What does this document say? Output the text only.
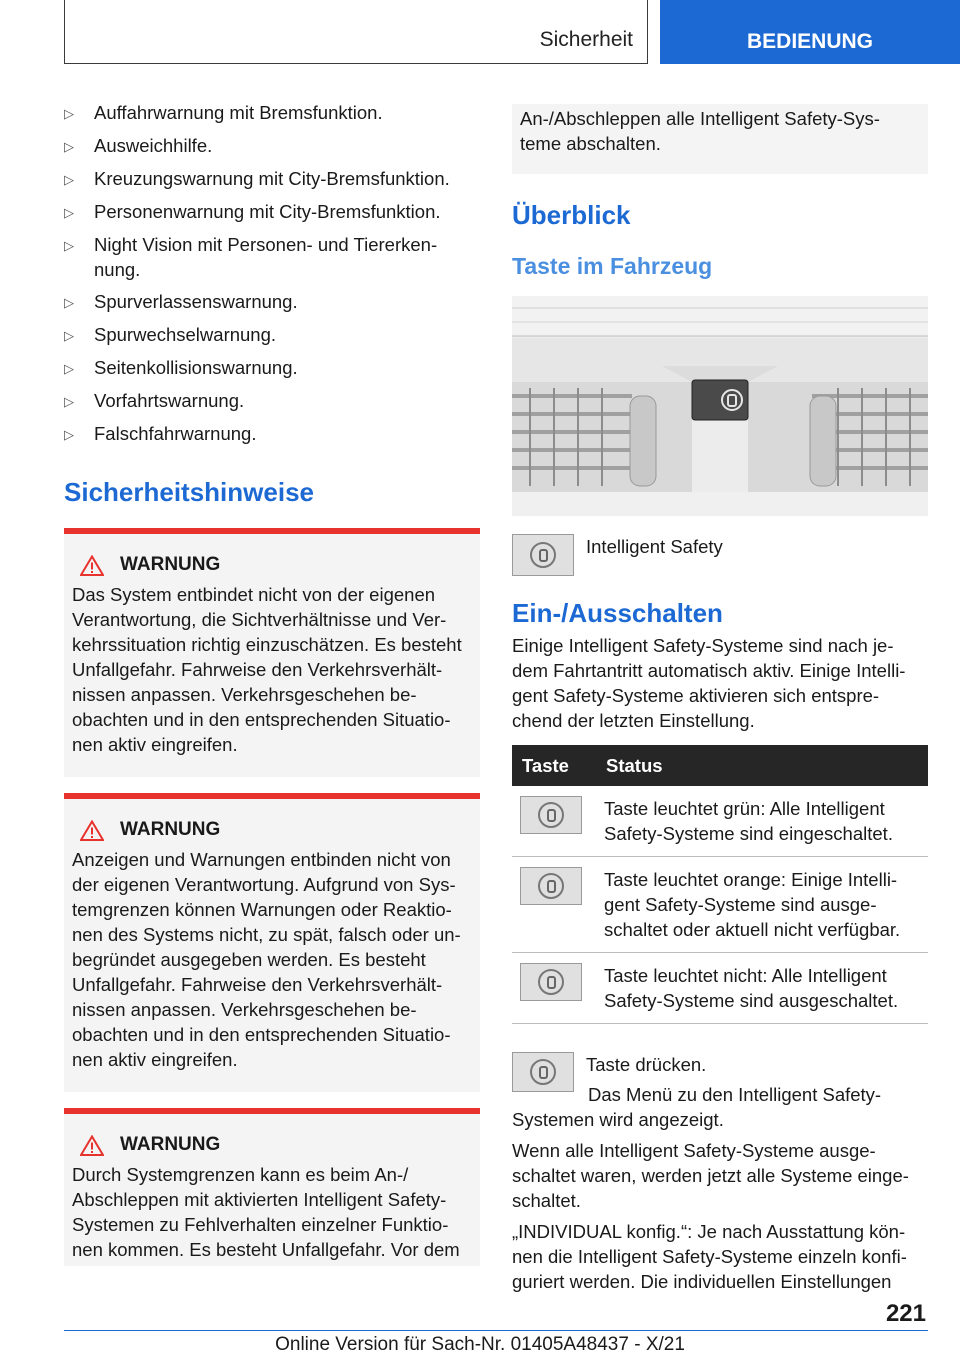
Sicherheit	BEDIENUNG
▷	Auffahrwarnung mit Bremsfunktion.
▷	Ausweichhilfe.
▷	Kreuzungswarnung mit City-Bremsfunktion.
▷	Personenwarnung mit City-Bremsfunktion.
▷	Night Vision mit Personen- und Tiererken-nung.
▷	Spurverlassenswarnung.
▷	Spurwechselwarnung.
▷	Seitenkollisionswarnung.
▷	Vorfahrtswarnung.
▷	Falschfahrwarnung.
Sicherheitshinweise
WARNUNG
Das System entbindet nicht von der eigenen Verantwortung, die Sichtverhältnisse und Ver-kehrssituation richtig einzuschätzen. Es besteht Unfallgefahr. Fahrweise den Verkehrsverhält-nissen anpassen. Verkehrsgeschehen be-obachten und in den entsprechenden Situatio-nen aktiv eingreifen.
WARNUNG
Anzeigen und Warnungen entbinden nicht von der eigenen Verantwortung. Aufgrund von Sys-temgrenzen können Warnungen oder Reaktio-nen des Systems nicht, zu spät, falsch oder un-begründet ausgegeben werden. Es besteht Unfallgefahr. Fahrweise den Verkehrsverhält-nissen anpassen. Verkehrsgeschehen be-obachten und in den entsprechenden Situatio-nen aktiv eingreifen.
WARNUNG
Durch Systemgrenzen kann es beim An-/ Abschleppen mit aktivierten Intelligent Safety-Systemen zu Fehlverhalten einzelner Funktio-nen kommen. Es besteht Unfallgefahr. Vor dem
An-/Abschleppen alle Intelligent Safety-Sys-teme abschalten.
Überblick
Taste im Fahrzeug

Intelligent Safety

Ein-/Ausschalten

Einige Intelligent Safety-Systeme sind nach je-dem Fahrtantritt automatisch aktiv. Einige Intelli-gent Safety-Systeme aktivieren sich entspre-chend der letzten Einstellung.

Taste	Status

	Taste leuchtet grün: Alle Intelligent Safety-Systeme sind eingeschaltet.

	Taste leuchtet orange: Einige Intelli-gent Safety-Systeme sind ausge-schaltet oder aktuell nicht verfügbar.

	Taste leuchtet nicht: Alle Intelligent Safety-Systeme sind ausgeschaltet.

Taste drücken.

Das Menü zu den Intelligent Safety-Systemen wird angezeigt.

Wenn alle Intelligent Safety-Systeme ausge-schaltet waren, werden jetzt alle Systeme einge-schaltet.

„INDIVIDUAL konfig.“: Je nach Ausstattung kön-nen die Intelligent Safety-Systeme einzeln konfi-guriert werden. Die individuellen Einstellungen

221
Online Version für Sach-Nr. 01405A48437 - X/21
